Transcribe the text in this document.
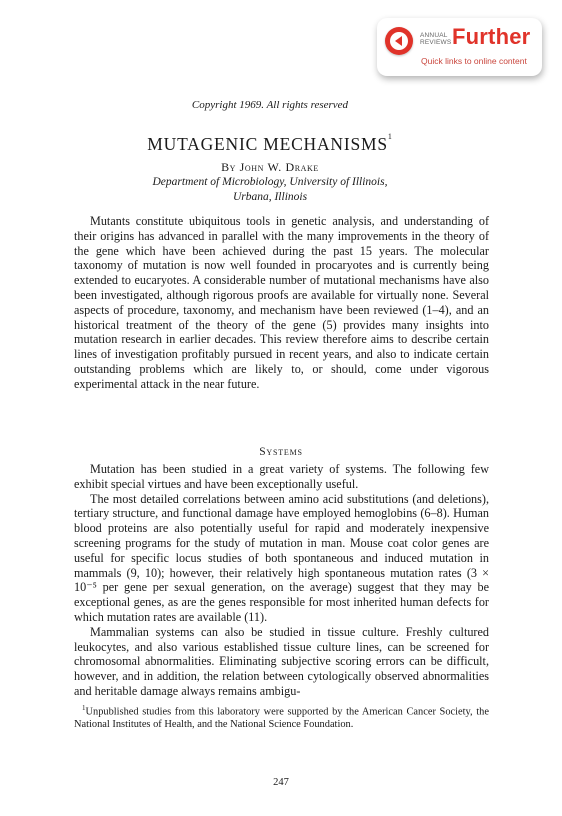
ANNUAL
REVIEWS Further
Quick links to online content
Copyright 1969. All rights reserved
MUTAGENIC MECHANISMS$^1$
By John W. Drake
Department of Microbiology, University of Illinois,
Urbana, Illinois

Mutants constitute ubiquitous tools in genetic analysis, and understanding of their origins has advanced in parallel with the many improvements in the theory of the gene which have been achieved during the past 15 years. The molecular taxonomy of mutation is now well founded in procaryotes and is currently being extended to eucaryotes. A considerable number of mutational mechanisms have also been investigated, although rigorous proofs are available for virtually none. Several aspects of procedure, taxonomy, and mechanism have been reviewed (1–4), and an historical treatment of the theory of the gene (5) provides many insights into mutation research in earlier decades. This review therefore aims to describe certain lines of investigation profitably pursued in recent years, and also to indicate certain outstanding problems which are likely to, or should, come under vigorous experimental attack in the near future.

Systems

Mutation has been studied in a great variety of systems. The following few exhibit special virtues and have been exceptionally useful.

The most detailed correlations between amino acid substitutions (and deletions), tertiary structure, and functional damage have employed hemoglobins (6–8). Human blood proteins are also potentially useful for rapid and moderately inexpensive screening programs for the study of mutation in man. Mouse coat color genes are useful for specific locus studies of both spontaneous and induced mutation in mammals (9, 10); however, their relatively high spontaneous mutation rates (3 × 10⁻⁵ per gene per sexual generation, on the average) suggest that they may be exceptional genes, as are the genes responsible for most inherited human defects for which mutation rates are available (11).

Mammalian systems can also be studied in tissue culture. Freshly cultured leukocytes, and also various established tissue culture lines, can be screened for chromosomal abnormalities. Eliminating subjective scoring errors can be difficult, however, and in addition, the relation between cytologically observed abnormalities and heritable damage always remains ambigu-

$^1$Unpublished studies from this laboratory were supported by the American Cancer Society, the National Institutes of Health, and the National Science Foundation.

247
